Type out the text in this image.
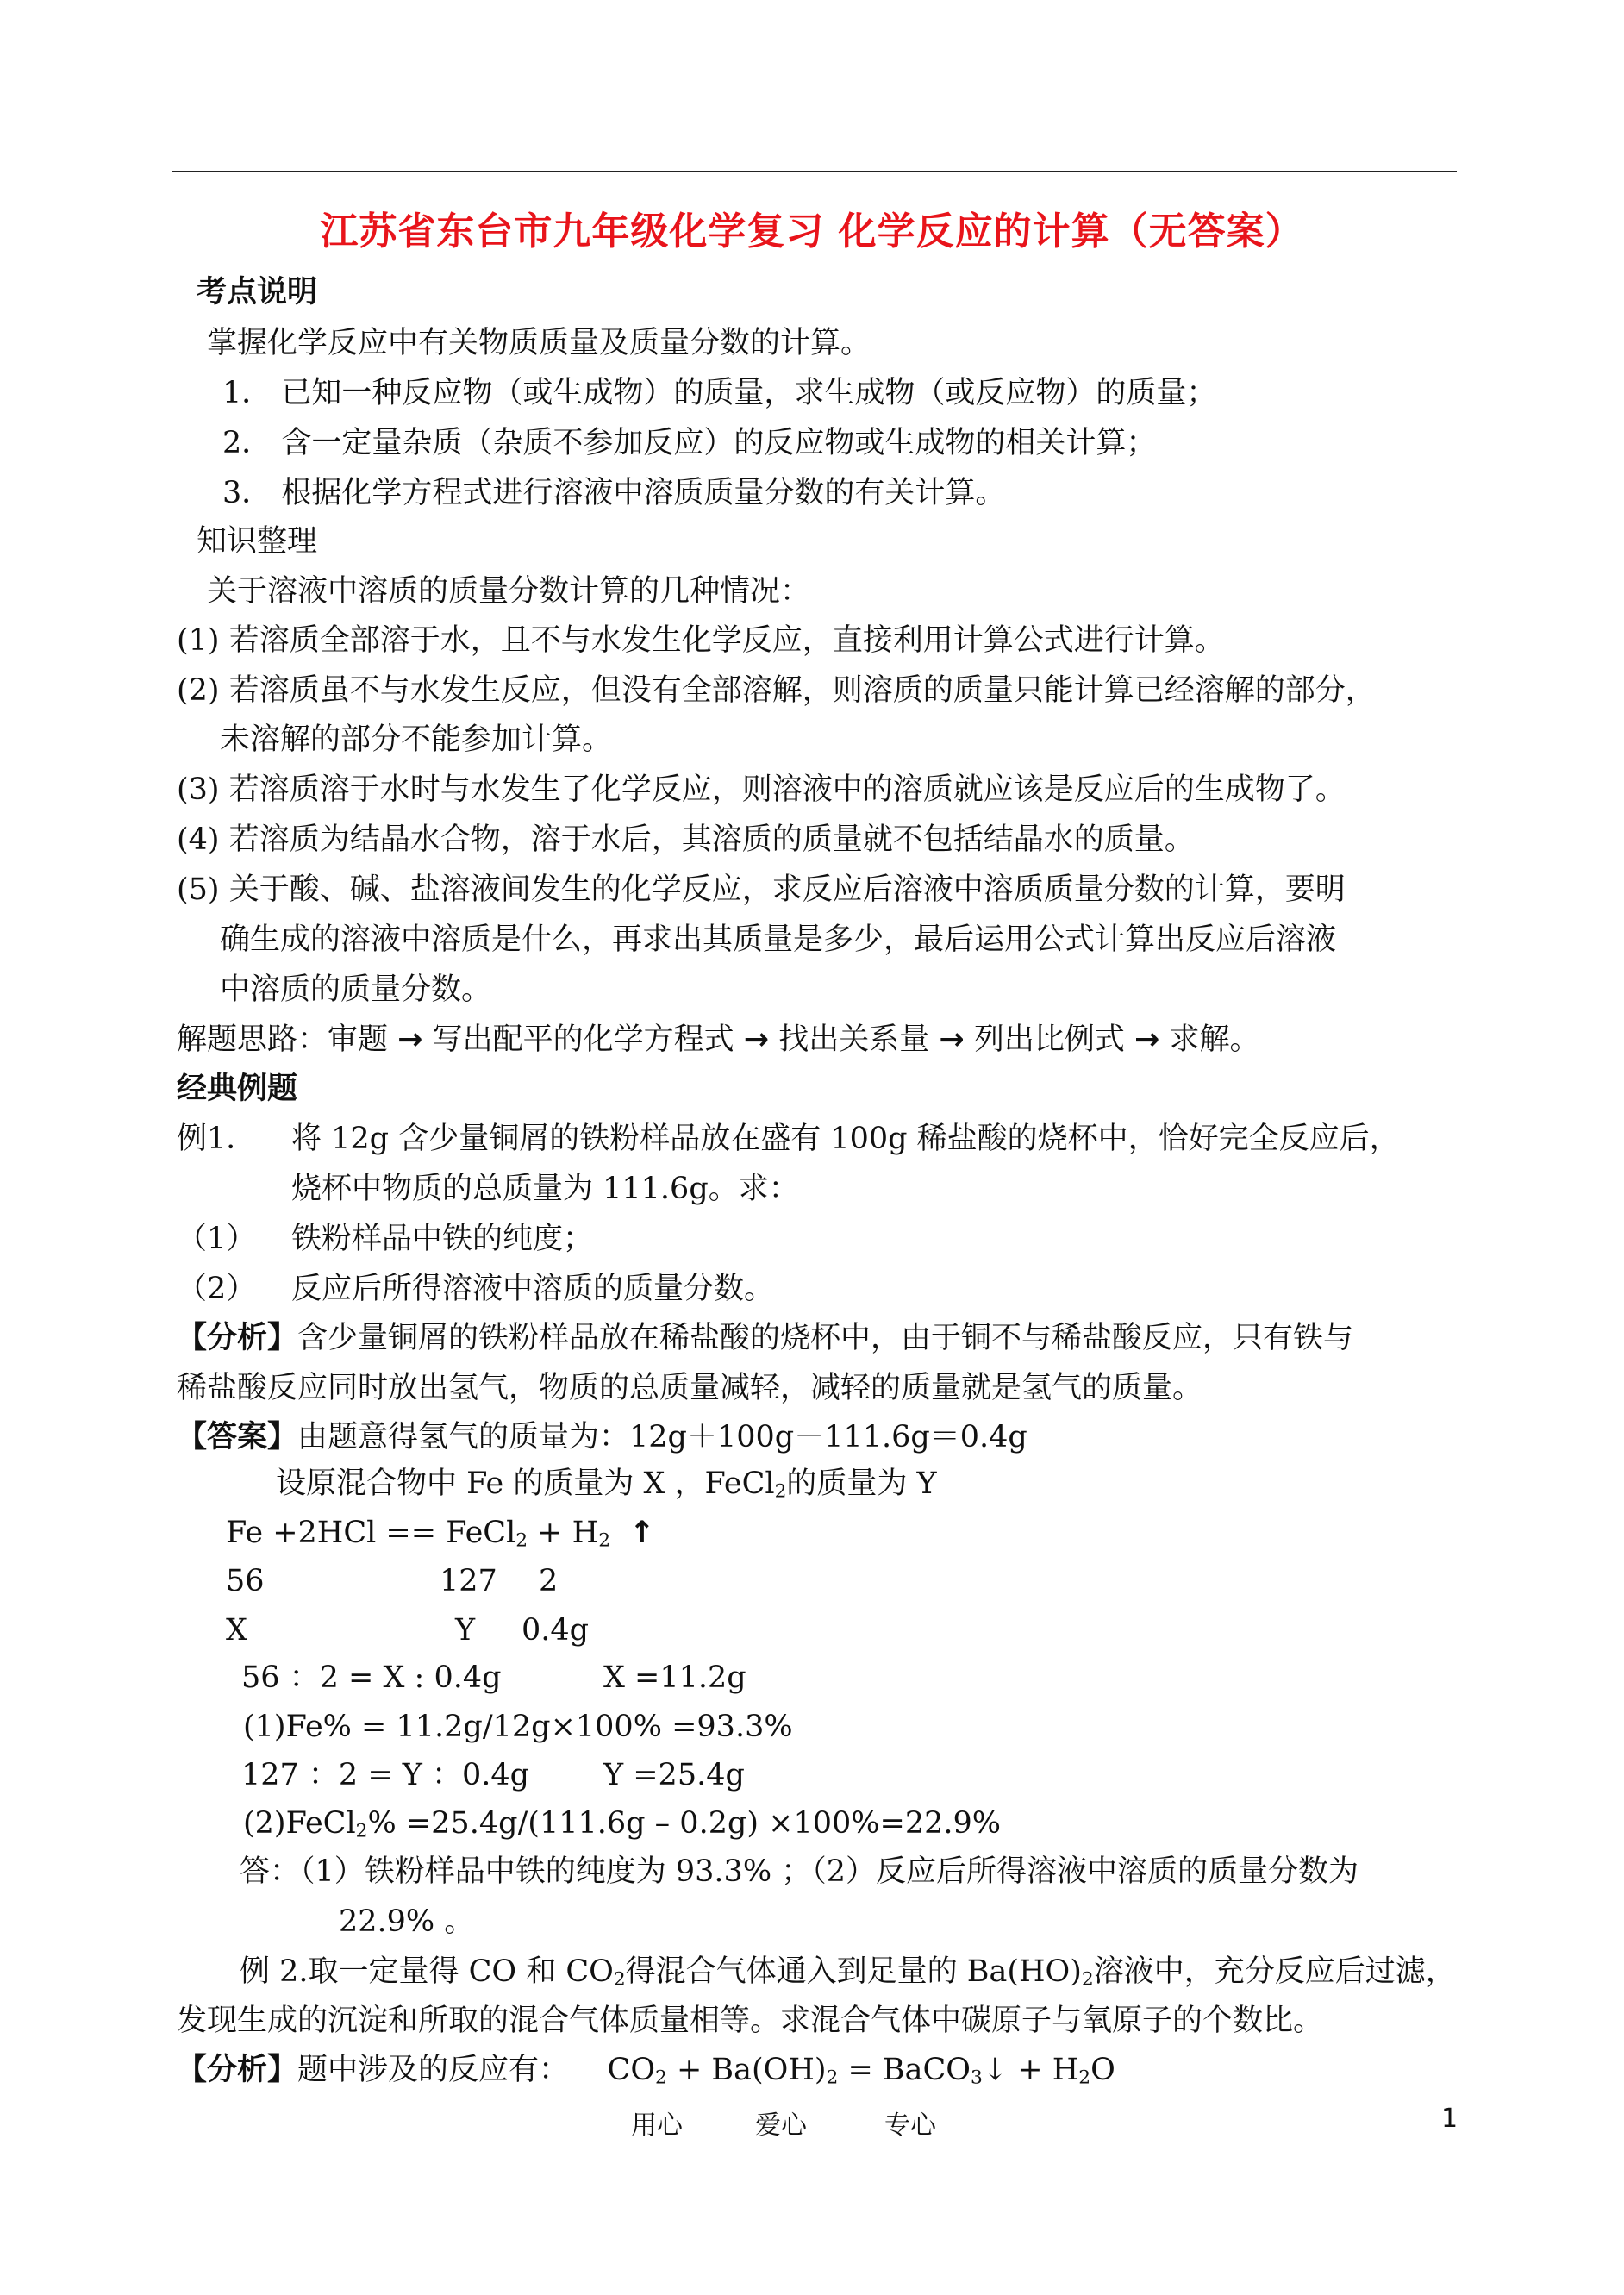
江苏省东台市九年级化学复习 化学反应的计算（无答案）
考点说明
掌握化学反应中有关物质质量及质量分数的计算。
1． 已知一种反应物（或生成物）的质量，求生成物（或反应物）的质量；
2． 含一定量杂质（杂质不参加反应）的反应物或生成物的相关计算；
3． 根据化学方程式进行溶液中溶质质量分数的有关计算。
知识整理
关于溶液中溶质的质量分数计算的几种情况：
(1) 若溶质全部溶于水，且不与水发生化学反应，直接利用计算公式进行计算。
(2) 若溶质虽不与水发生反应，但没有全部溶解，则溶质的质量只能计算已经溶解的部分，
未溶解的部分不能参加计算。
(3) 若溶质溶于水时与水发生了化学反应，则溶液中的溶质就应该是反应后的生成物了。
(4) 若溶质为结晶水合物，溶于水后，其溶质的质量就不包括结晶水的质量。
(5) 关于酸、碱、盐溶液间发生的化学反应，求反应后溶液中溶质质量分数的计算，要明
确生成的溶液中溶质是什么，再求出其质量是多少，最后运用公式计算出反应后溶液
中溶质的质量分数。
解题思路：审题 → 写出配平的化学方程式 → 找出关系量 → 列出比例式 → 求解。
经典例题
例1． 将 12g 含少量铜屑的铁粉样品放在盛有 100g 稀盐酸的烧杯中，恰好完全反应后，
烧杯中物质的总质量为 111.6g。求：
（1） 铁粉样品中铁的纯度；
（2） 反应后所得溶液中溶质的质量分数。
【分析】含少量铜屑的铁粉样品放在稀盐酸的烧杯中，由于铜不与稀盐酸反应，只有铁与
稀盐酸反应同时放出氢气，物质的总质量减轻，减轻的质量就是氢气的质量。
【答案】由题意得氢气的质量为：12g＋100g－111.6g＝0.4g
设原混合物中 Fe 的质量为 X ，FeCl$_2$的质量为 Y
Fe +2HCl == FeCl$_2$ + $H_2$ ↑
56	127 2
X	Y 0.4g
56 ：2 = X : 0.4g	X =11.2g
(1)Fe% = 11.2g/12g×100% =93.3%
127 ：2 = Y ：0.4g Y =25.4g
(2)FeCl$_2$% =25.4g/(111.6g – 0.2g) ×100%=22.9%
答：（1）铁粉样品中铁的纯度为 93.3% ；（2）反应后所得溶液中溶质的质量分数为
22.9% 。
例 2.取一定量得 CO 和 $CO_2$得混合气体通入到足量的 $Ba(HO)_2$溶液中，充分反应后过滤，
发现生成的沉淀和所取的混合气体质量相等。求混合气体中碳原子与氧原子的个数比。
【分析】题中涉及的反应有： $CO_2 + Ba(OH)_2$ = BaCO$_3$↓ + $H_2O$
用心	爱心	专心	1
